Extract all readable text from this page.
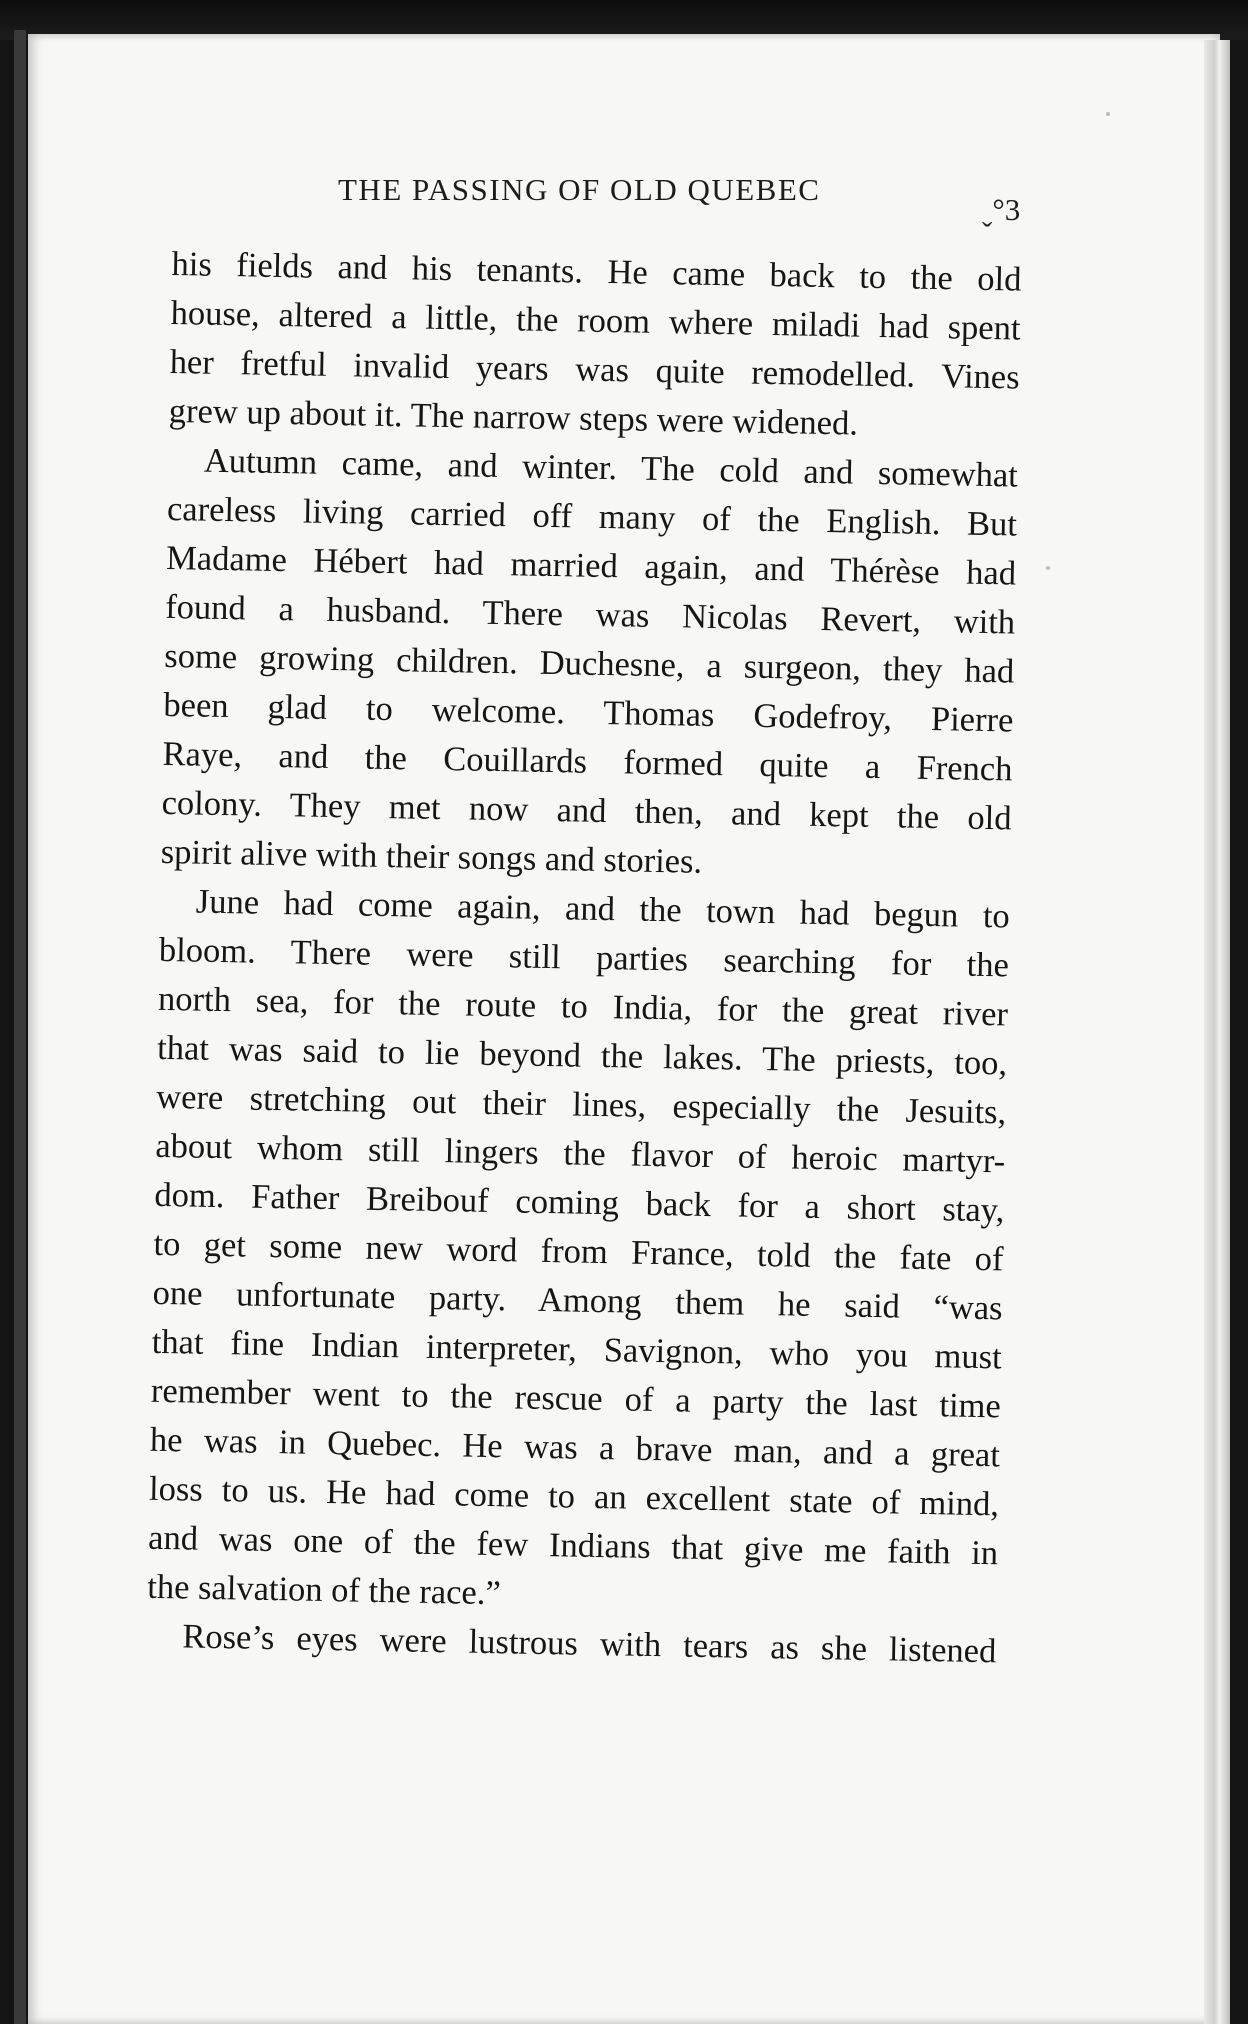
THE PASSING OF OLD QUEBEC
ˬ°3

his fields and his tenants. He came back to the old
house, altered a little, the room where miladi had spent
her fretful invalid years was quite remodelled. Vines
grew up about it. The narrow steps were widened.

Autumn came, and winter. The cold and somewhat
careless living carried off many of the English. But
Madame Hébert had married again, and Thérèse had
found a husband. There was Nicolas Revert, with
some growing children. Duchesne, a surgeon, they had
been glad to welcome. Thomas Godefroy, Pierre
Raye, and the Couillards formed quite a French
colony. They met now and then, and kept the old
spirit alive with their songs and stories.

June had come again, and the town had begun to
bloom. There were still parties searching for the
north sea, for the route to India, for the great river
that was said to lie beyond the lakes. The priests, too,
were stretching out their lines, especially the Jesuits,
about whom still lingers the flavor of heroic martyr-
dom. Father Breibouf coming back for a short stay,
to get some new word from France, told the fate of
one unfortunate party. Among them he said “was
that fine Indian interpreter, Savignon, who you must
remember went to the rescue of a party the last time
he was in Quebec. He was a brave man, and a great
loss to us. He had come to an excellent state of mind,
and was one of the few Indians that give me faith in
the salvation of the race.”

Rose’s eyes were lustrous with tears as she listened
